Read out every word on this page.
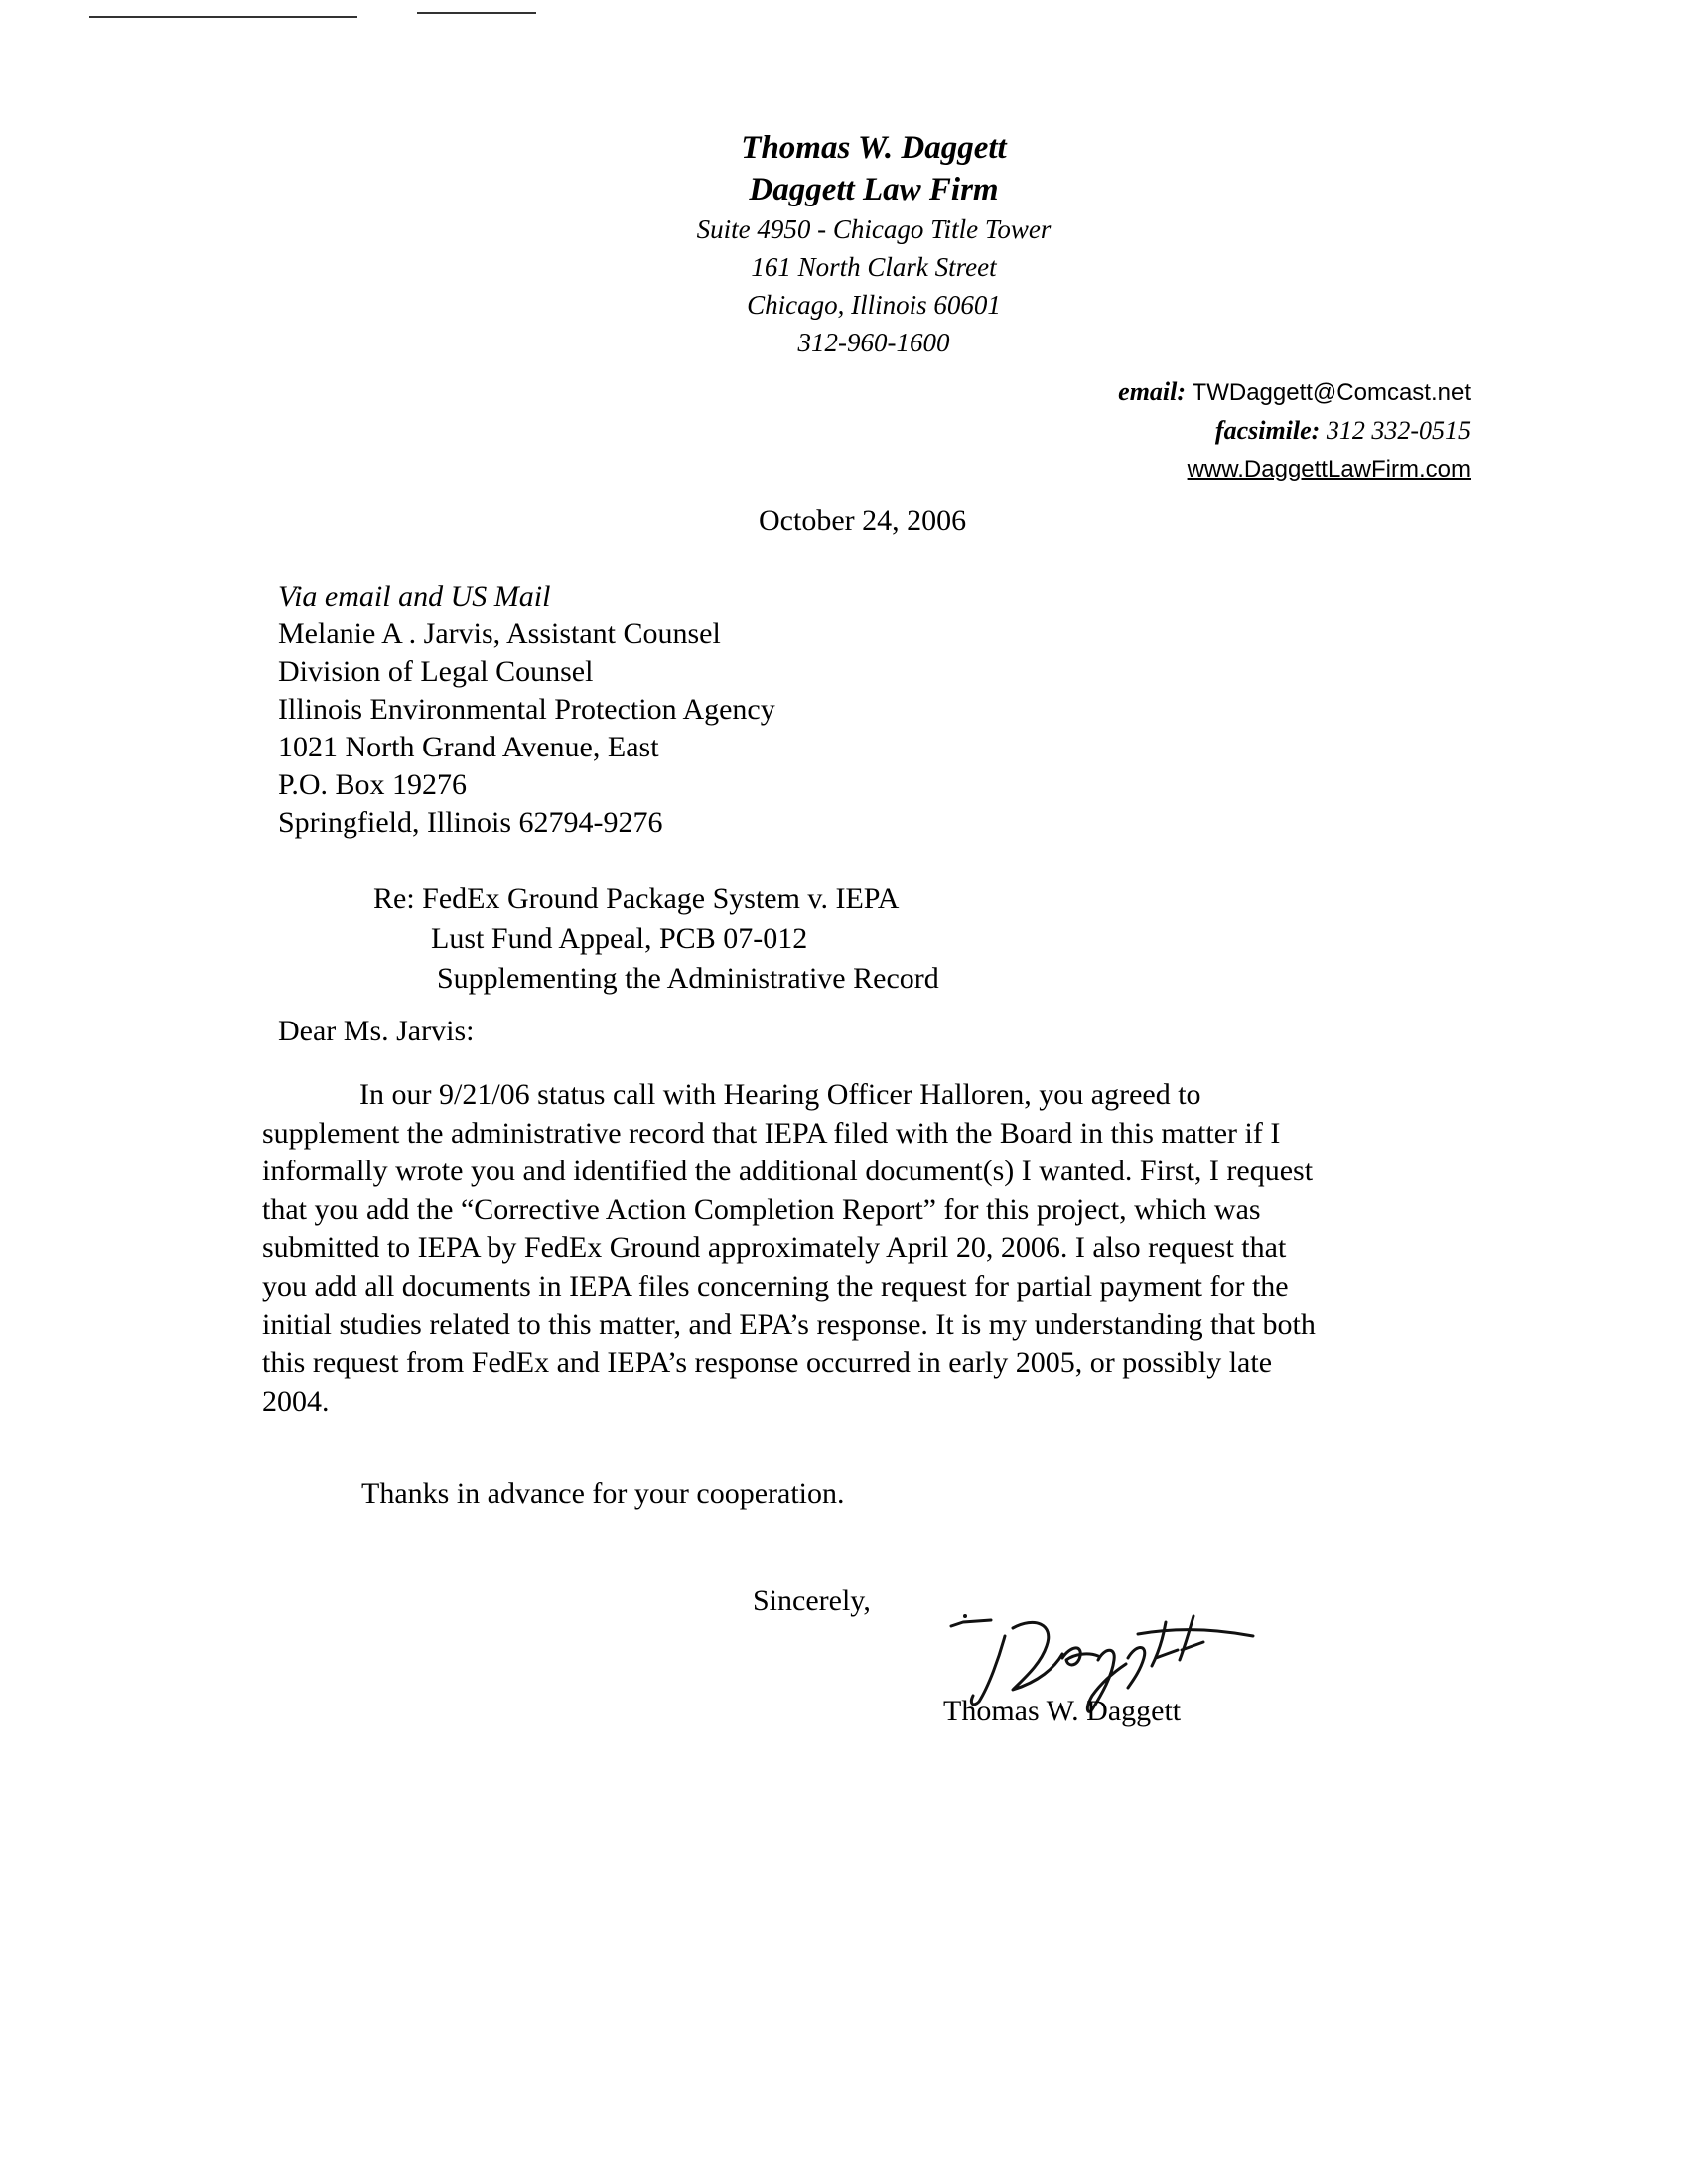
Thomas W. Daggett
Daggett Law Firm
Suite 4950 - Chicago Title Tower
161 North Clark Street
Chicago, Illinois 60601
312-960-1600
email: TWDaggett@Comcast.net
facsimile: 312 332-0515
www.DaggettLawFirm.com
October 24, 2006
Via email and US Mail
Melanie A . Jarvis, Assistant Counsel
Division of Legal Counsel
Illinois Environmental Protection Agency
1021 North Grand Avenue, East
P.O. Box 19276
Springfield, Illinois 62794-9276
Re: FedEx Ground Package System v. IEPA
Lust Fund Appeal, PCB 07-012
Supplementing the Administrative Record
Dear Ms. Jarvis:
In our 9/21/06 status call with Hearing Officer Halloren, you agreed to
supplement the administrative record that IEPA filed with the Board in this matter if I
informally wrote you and identified the additional document(s) I wanted. First, I request
that you add the “Corrective Action Completion Report” for this project, which was
submitted to IEPA by FedEx Ground approximately April 20, 2006. I also request that
you add all documents in IEPA files concerning the request for partial payment for the
initial studies related to this matter, and EPA’s response. It is my understanding that both
this request from FedEx and IEPA’s response occurred in early 2005, or possibly late
2004.
Thanks in advance for your cooperation.
Sincerely,
Thomas W. Daggett
